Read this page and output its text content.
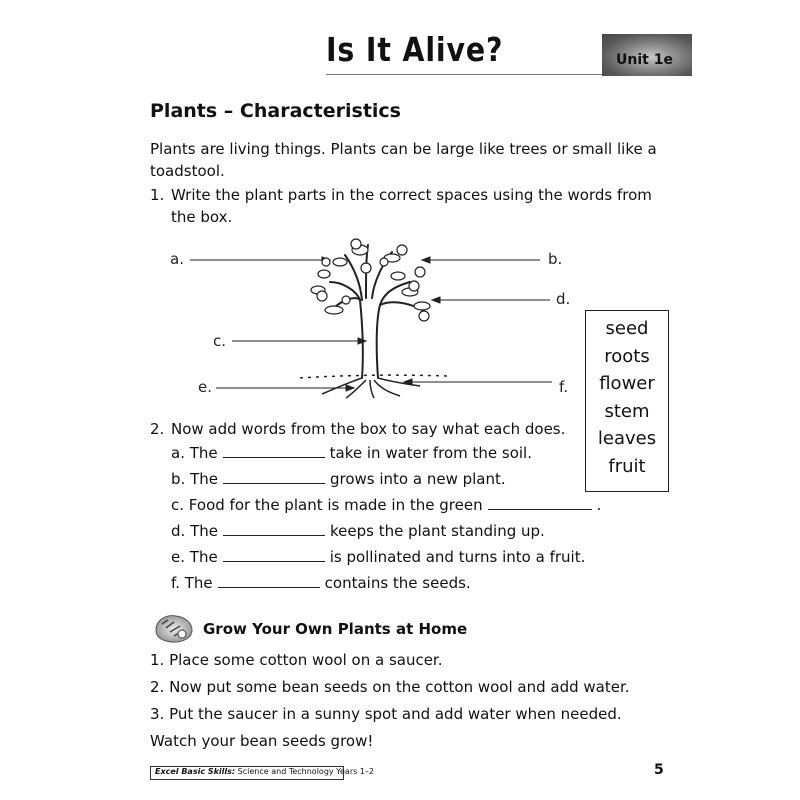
Is It Alive?	Unit 1e
Plants – Characteristics
Plants are living things. Plants can be large like trees or small like a toadstool.
1. Write the plant parts in the correct spaces using the words from
the box.
a.	b.
c.
d.
e.	f.
seed
roots
flower
stem
leaves
fruit
2. Now add words from the box to say what each does.
a. The	take in water from the soil.
b. The	grows into a new plant.
c. Food for the plant is made in the green	.
d. The	keeps the plant standing up.
e. The	is pollinated and turns into a fruit.
f. The	contains the seeds.
Grow Your Own Plants at Home
1. Place some cotton wool on a saucer.
2. Now put some bean seeds on the cotton wool and add water.
3. Put the saucer in a sunny spot and add water when needed.
Watch your bean seeds grow!
Excel Basic Skills: Science and Technology Years 1–2	5
